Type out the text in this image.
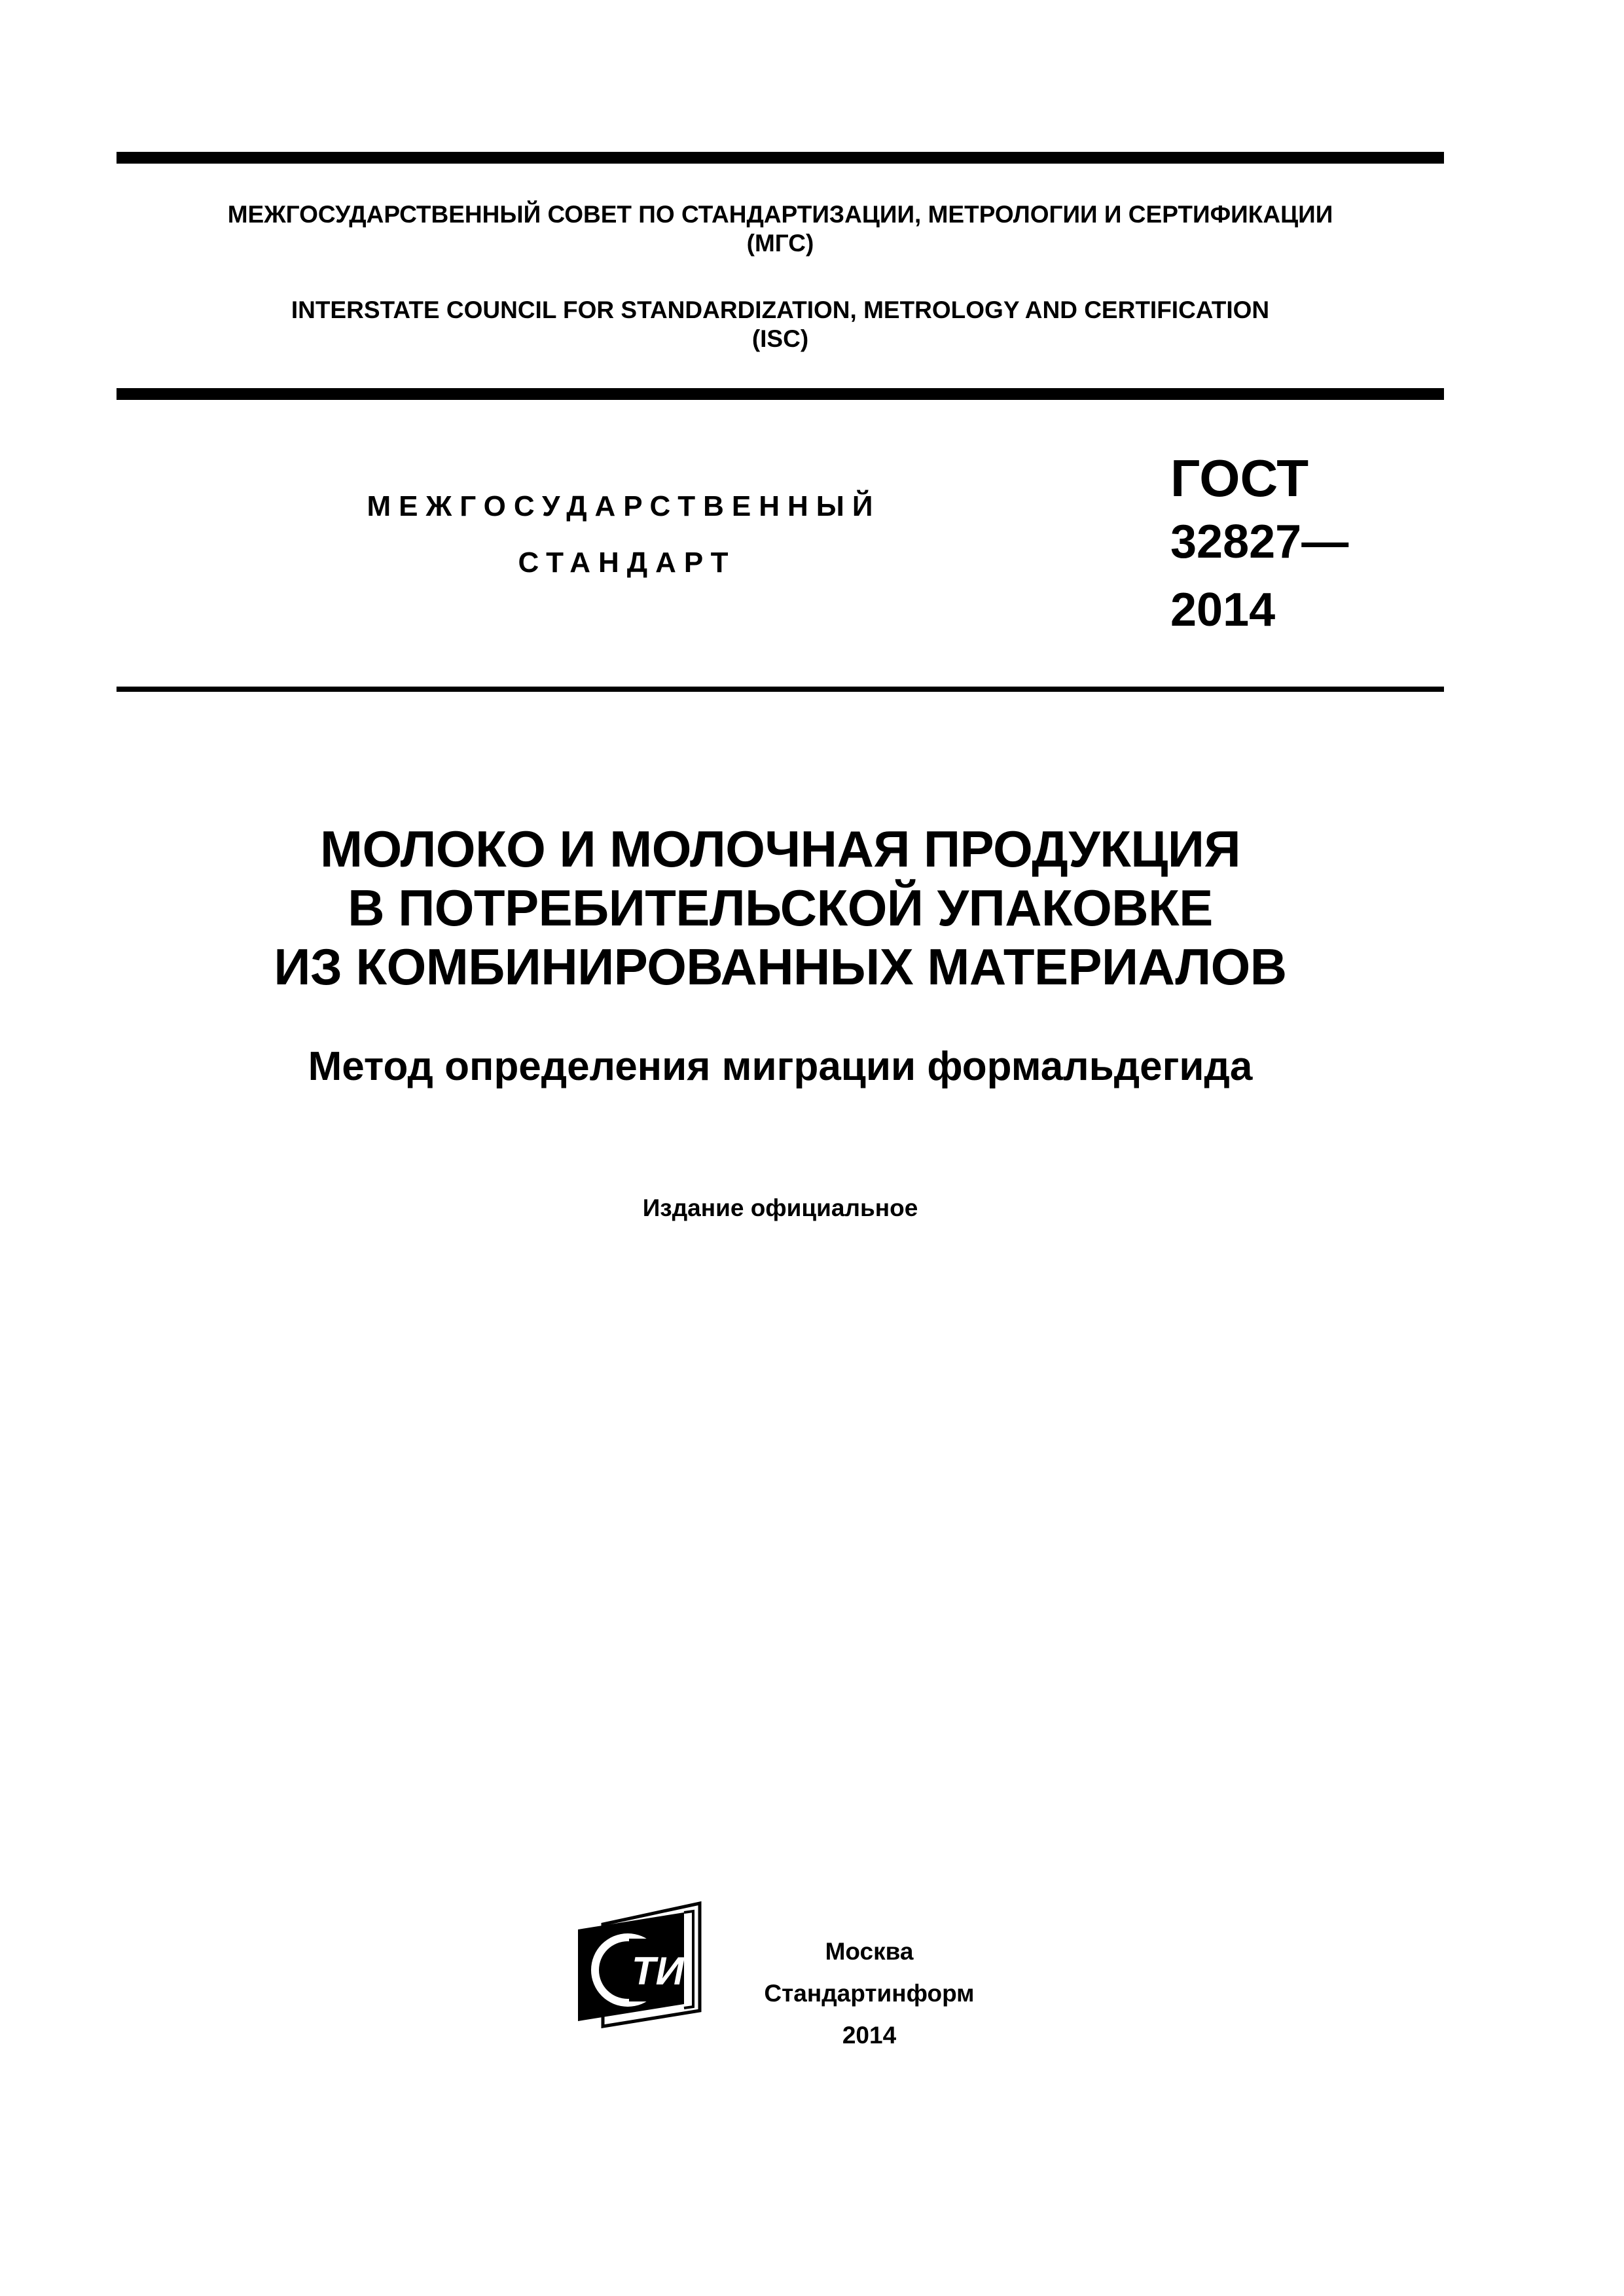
МЕЖГОСУДАРСТВЕННЫЙ СОВЕТ ПО СТАНДАРТИЗАЦИИ, МЕТРОЛОГИИ И СЕРТИФИКАЦИИ
(МГС)
INTERSTATE COUNCIL FOR STANDARDIZATION, METROLOGY AND CERTIFICATION
(ISC)
МЕЖГОСУДАРСТВЕННЫЙ
СТАНДАРТ
ГОСТ
32827—
2014
МОЛОКО И МОЛОЧНАЯ ПРОДУКЦИЯ
В ПОТРЕБИТЕЛЬСКОЙ УПАКОВКЕ
ИЗ КОМБИНИРОВАННЫХ МАТЕРИАЛОВ
Метод определения миграции формальдегида
Издание официальное
ТИ	Москва
Стандартинформ
2014
